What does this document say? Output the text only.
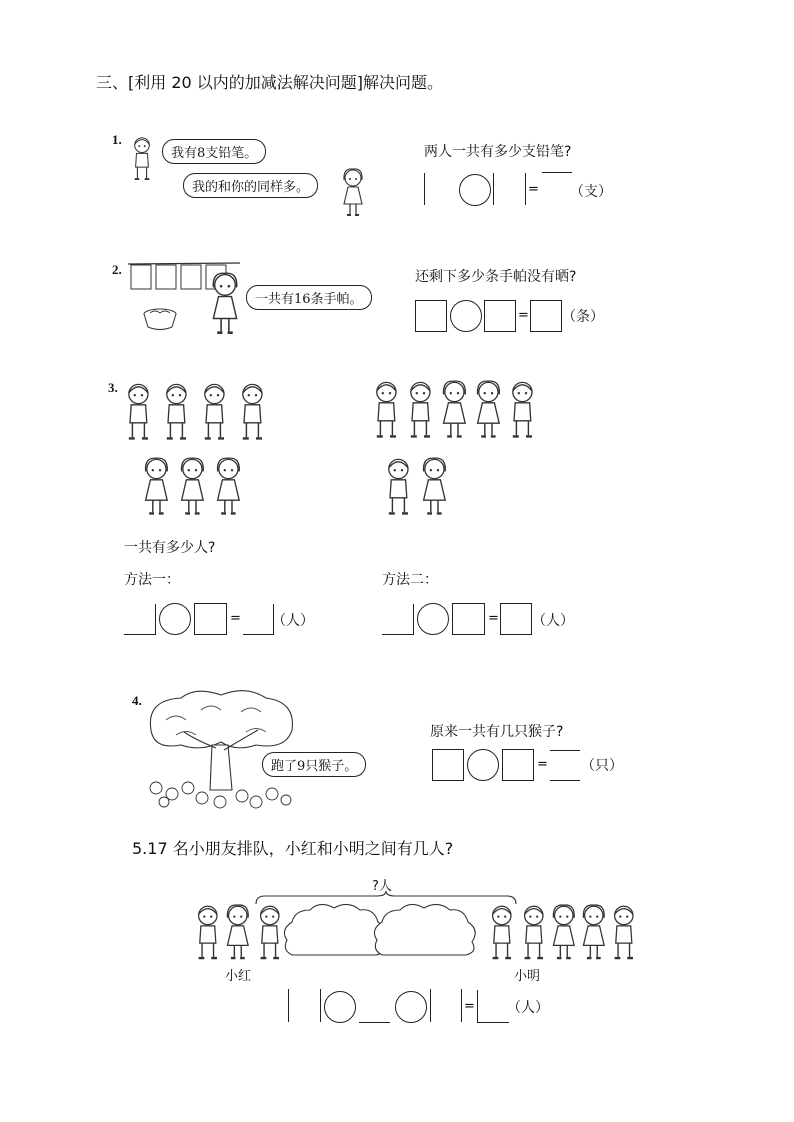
三、[利用 20 以内的加减法解决问题]解决问题。
1.
我有8支铅笔。
我的和你的同样多。
两人一共有多少支铅笔?
= （支）
2.
一共有16条手帕。
还剩下多少条手帕没有晒?
= （条）
3.
一共有多少人?
方法一：	方法二：
= （人）	= （人）
4.
跑了9只猴子。
原来一共有几只猴子?
= （只）
5.17 名小朋友排队，小红和小明之间有几人?
?人
小红	小明
= （人）
